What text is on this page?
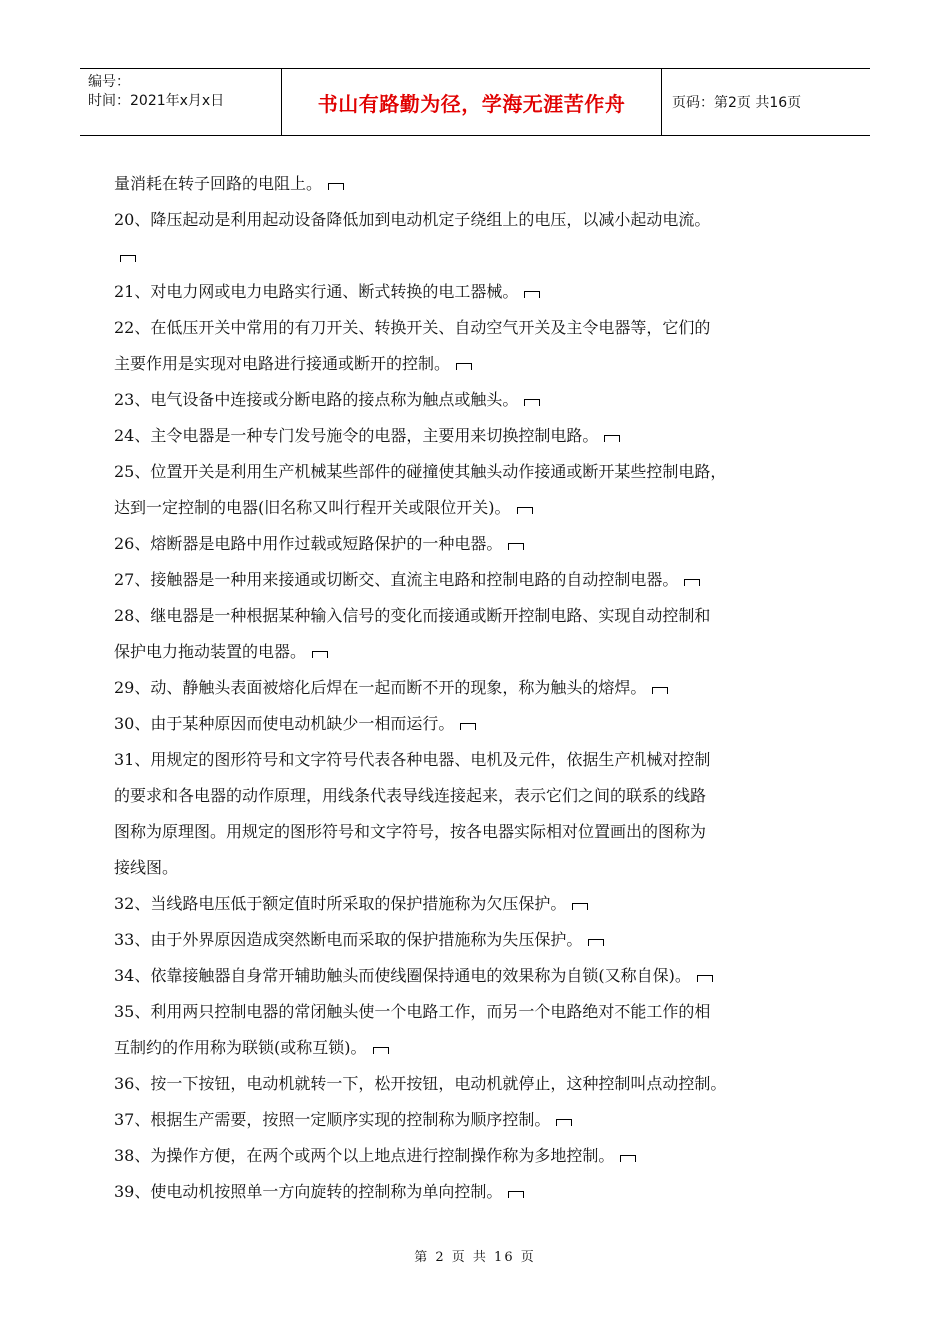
编号：
时间：2021年x月x日	书山有路勤为径，学海无涯苦作舟	页码：第2页 共16页
量消耗在转子回路的电阻上。
20、降压起动是利用起动设备降低加到电动机定子绕组上的电压，以减小起动电流。
21、对电力网或电力电路实行通、断式转换的电工器械。
22、在低压开关中常用的有刀开关、转换开关、自动空气开关及主令电器等，它们的
主要作用是实现对电路进行接通或断开的控制。
23、电气设备中连接或分断电路的接点称为触点或触头。
24、主令电器是一种专门发号施令的电器，主要用来切换控制电路。
25、位置开关是利用生产机械某些部件的碰撞使其触头动作接通或断开某些控制电路，
达到一定控制的电器(旧名称又叫行程开关或限位开关)。
26、熔断器是电路中用作过载或短路保护的一种电器。
27、接触器是一种用来接通或切断交、直流主电路和控制电路的自动控制电器。
28、继电器是一种根据某种输入信号的变化而接通或断开控制电路、实现自动控制和
保护电力拖动装置的电器。
29、动、静触头表面被熔化后焊在一起而断不开的现象，称为触头的熔焊。
30、由于某种原因而使电动机缺少一相而运行。
31、用规定的图形符号和文字符号代表各种电器、电机及元件，依据生产机械对控制
的要求和各电器的动作原理，用线条代表导线连接起来，表示它们之间的联系的线路
图称为原理图。用规定的图形符号和文字符号，按各电器实际相对位置画出的图称为
接线图。
32、当线路电压低于额定值时所采取的保护措施称为欠压保护。
33、由于外界原因造成突然断电而采取的保护措施称为失压保护。
34、依靠接触器自身常开辅助触头而使线圈保持通电的效果称为自锁(又称自保)。
35、利用两只控制电器的常闭触头使一个电路工作，而另一个电路绝对不能工作的相
互制约的作用称为联锁(或称互锁)。
36、按一下按钮，电动机就转一下，松开按钮，电动机就停止，这种控制叫点动控制。
37、根据生产需要，按照一定顺序实现的控制称为顺序控制。
38、为操作方便，在两个或两个以上地点进行控制操作称为多地控制。
39、使电动机按照单一方向旋转的控制称为单向控制。
第 2 页 共 16 页
